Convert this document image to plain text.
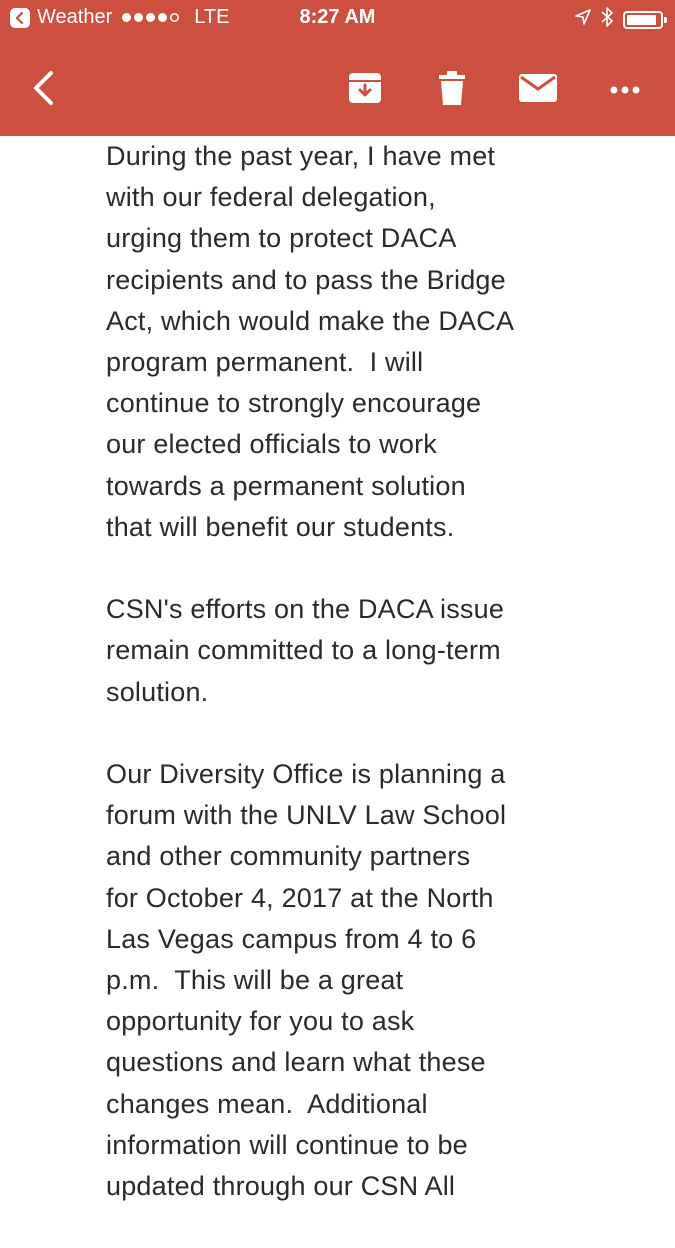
Weather	LTE	8:27 AM

During the past year, I have met
with our federal delegation,
urging them to protect DACA
recipients and to pass the Bridge
Act, which would make the DACA
program permanent.  I will
continue to strongly encourage
our elected officials to work
towards a permanent solution
that will benefit our students.

CSN's efforts on the DACA issue
remain committed to a long-term
solution.

Our Diversity Office is planning a
forum with the UNLV Law School
and other community partners
for October 4, 2017 at the North
Las Vegas campus from 4 to 6
p.m.  This will be a great
opportunity for you to ask
questions and learn what these
changes mean.  Additional
information will continue to be
updated through our CSN All
